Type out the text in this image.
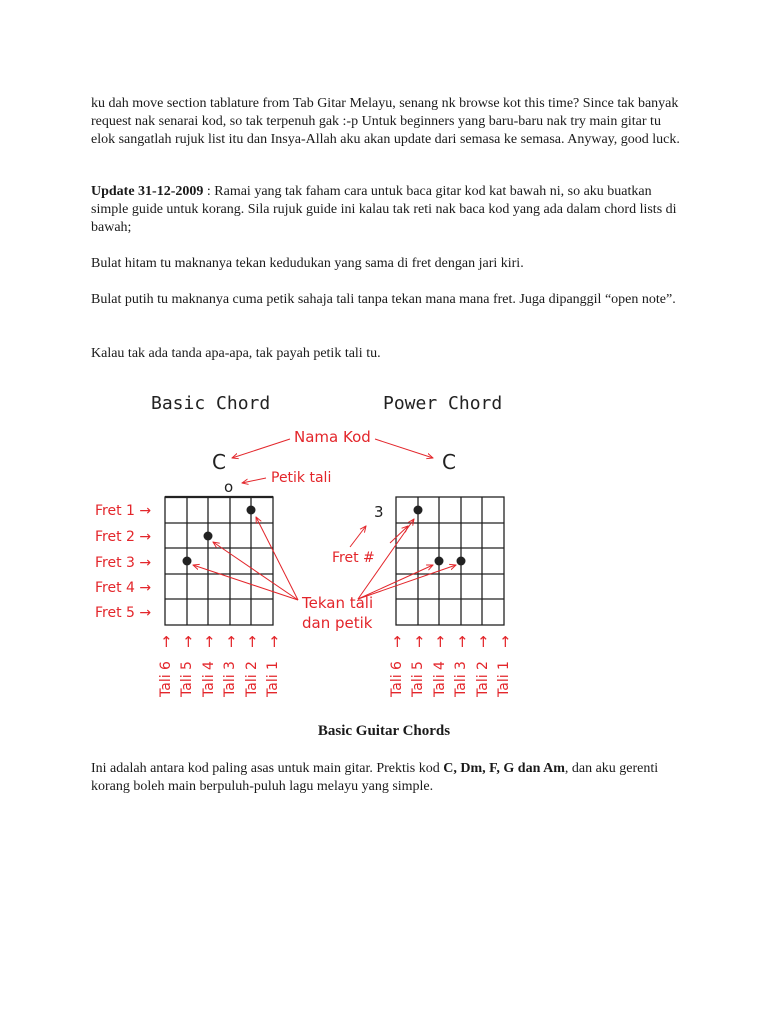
ku dah move section tablature from Tab Gitar Melayu, senang nk browse kot this time? Since tak banyak request nak senarai kod, so tak terpenuh gak :-p Untuk beginners yang baru-baru nak try main gitar tu elok sangatlah rujuk list itu dan Insya-Allah aku akan update dari semasa ke semasa. Anyway, good luck.

Update 31-12-2009 : Ramai yang tak faham cara untuk baca gitar kod kat bawah ni, so aku buatkan simple guide untuk korang. Sila rujuk guide ini kalau tak reti nak baca kod yang ada dalam chord lists di bawah;

Bulat hitam tu maknanya tekan kedudukan yang sama di fret dengan jari kiri.

Bulat putih tu maknanya cuma petik sahaja tali tanpa tekan mana mana fret. Juga dipanggil “open note”.

Kalau tak ada tanda apa-apa, tak payah petik tali tu.

Basic Chord	Power Chord
Nama Kod
C	C
o	Petik tali
Fret 1 →
Fret 2 →
Fret 3 →
Fret 4 →
Fret 5 →
3
Fret #
Tekan tali
dan petik
↑ ↑ ↑ ↑ ↑ ↑
Tali 6 Tali 5 Tali 4 Tali 3 Tali 2 Tali 1
↑ ↑ ↑ ↑ ↑ ↑
Tali 6 Tali 5 Tali 4 Tali 3 Tali 2 Tali 1

Basic Guitar Chords

Ini adalah antara kod paling asas untuk main gitar. Prektis kod C, Dm, F, G dan Am, dan aku gerenti korang boleh main berpuluh-puluh lagu melayu yang simple.
